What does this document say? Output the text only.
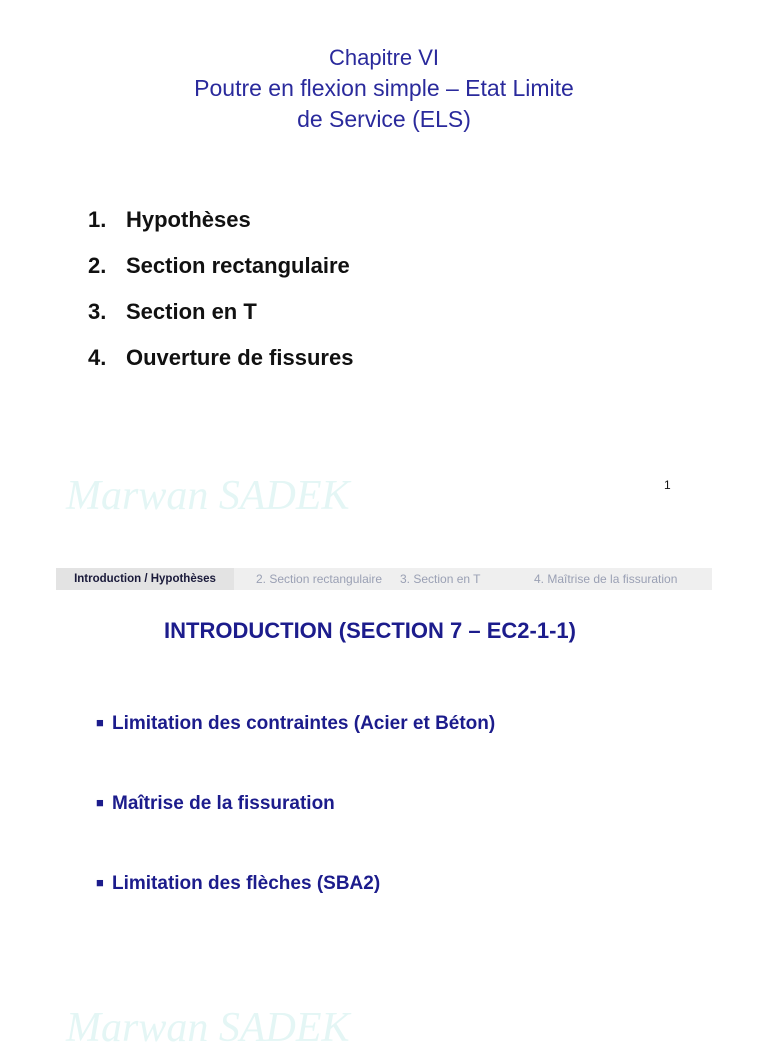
Chapitre VI
Poutre en flexion simple – Etat Limite
de Service (ELS)
1. Hypothèses
2. Section rectangulaire
3. Section en T
4. Ouverture de fissures
Marwan SADEK	1
Introduction / Hypothèses	2. Section rectangulaire 3. Section en T	4. Maîtrise de la fissuration
INTRODUCTION (SECTION 7 – EC2-1-1)
■ Limitation des contraintes (Acier et Béton)
■ Maîtrise de la fissuration
■ Limitation des flèches (SBA2)
Marwan SADEK
